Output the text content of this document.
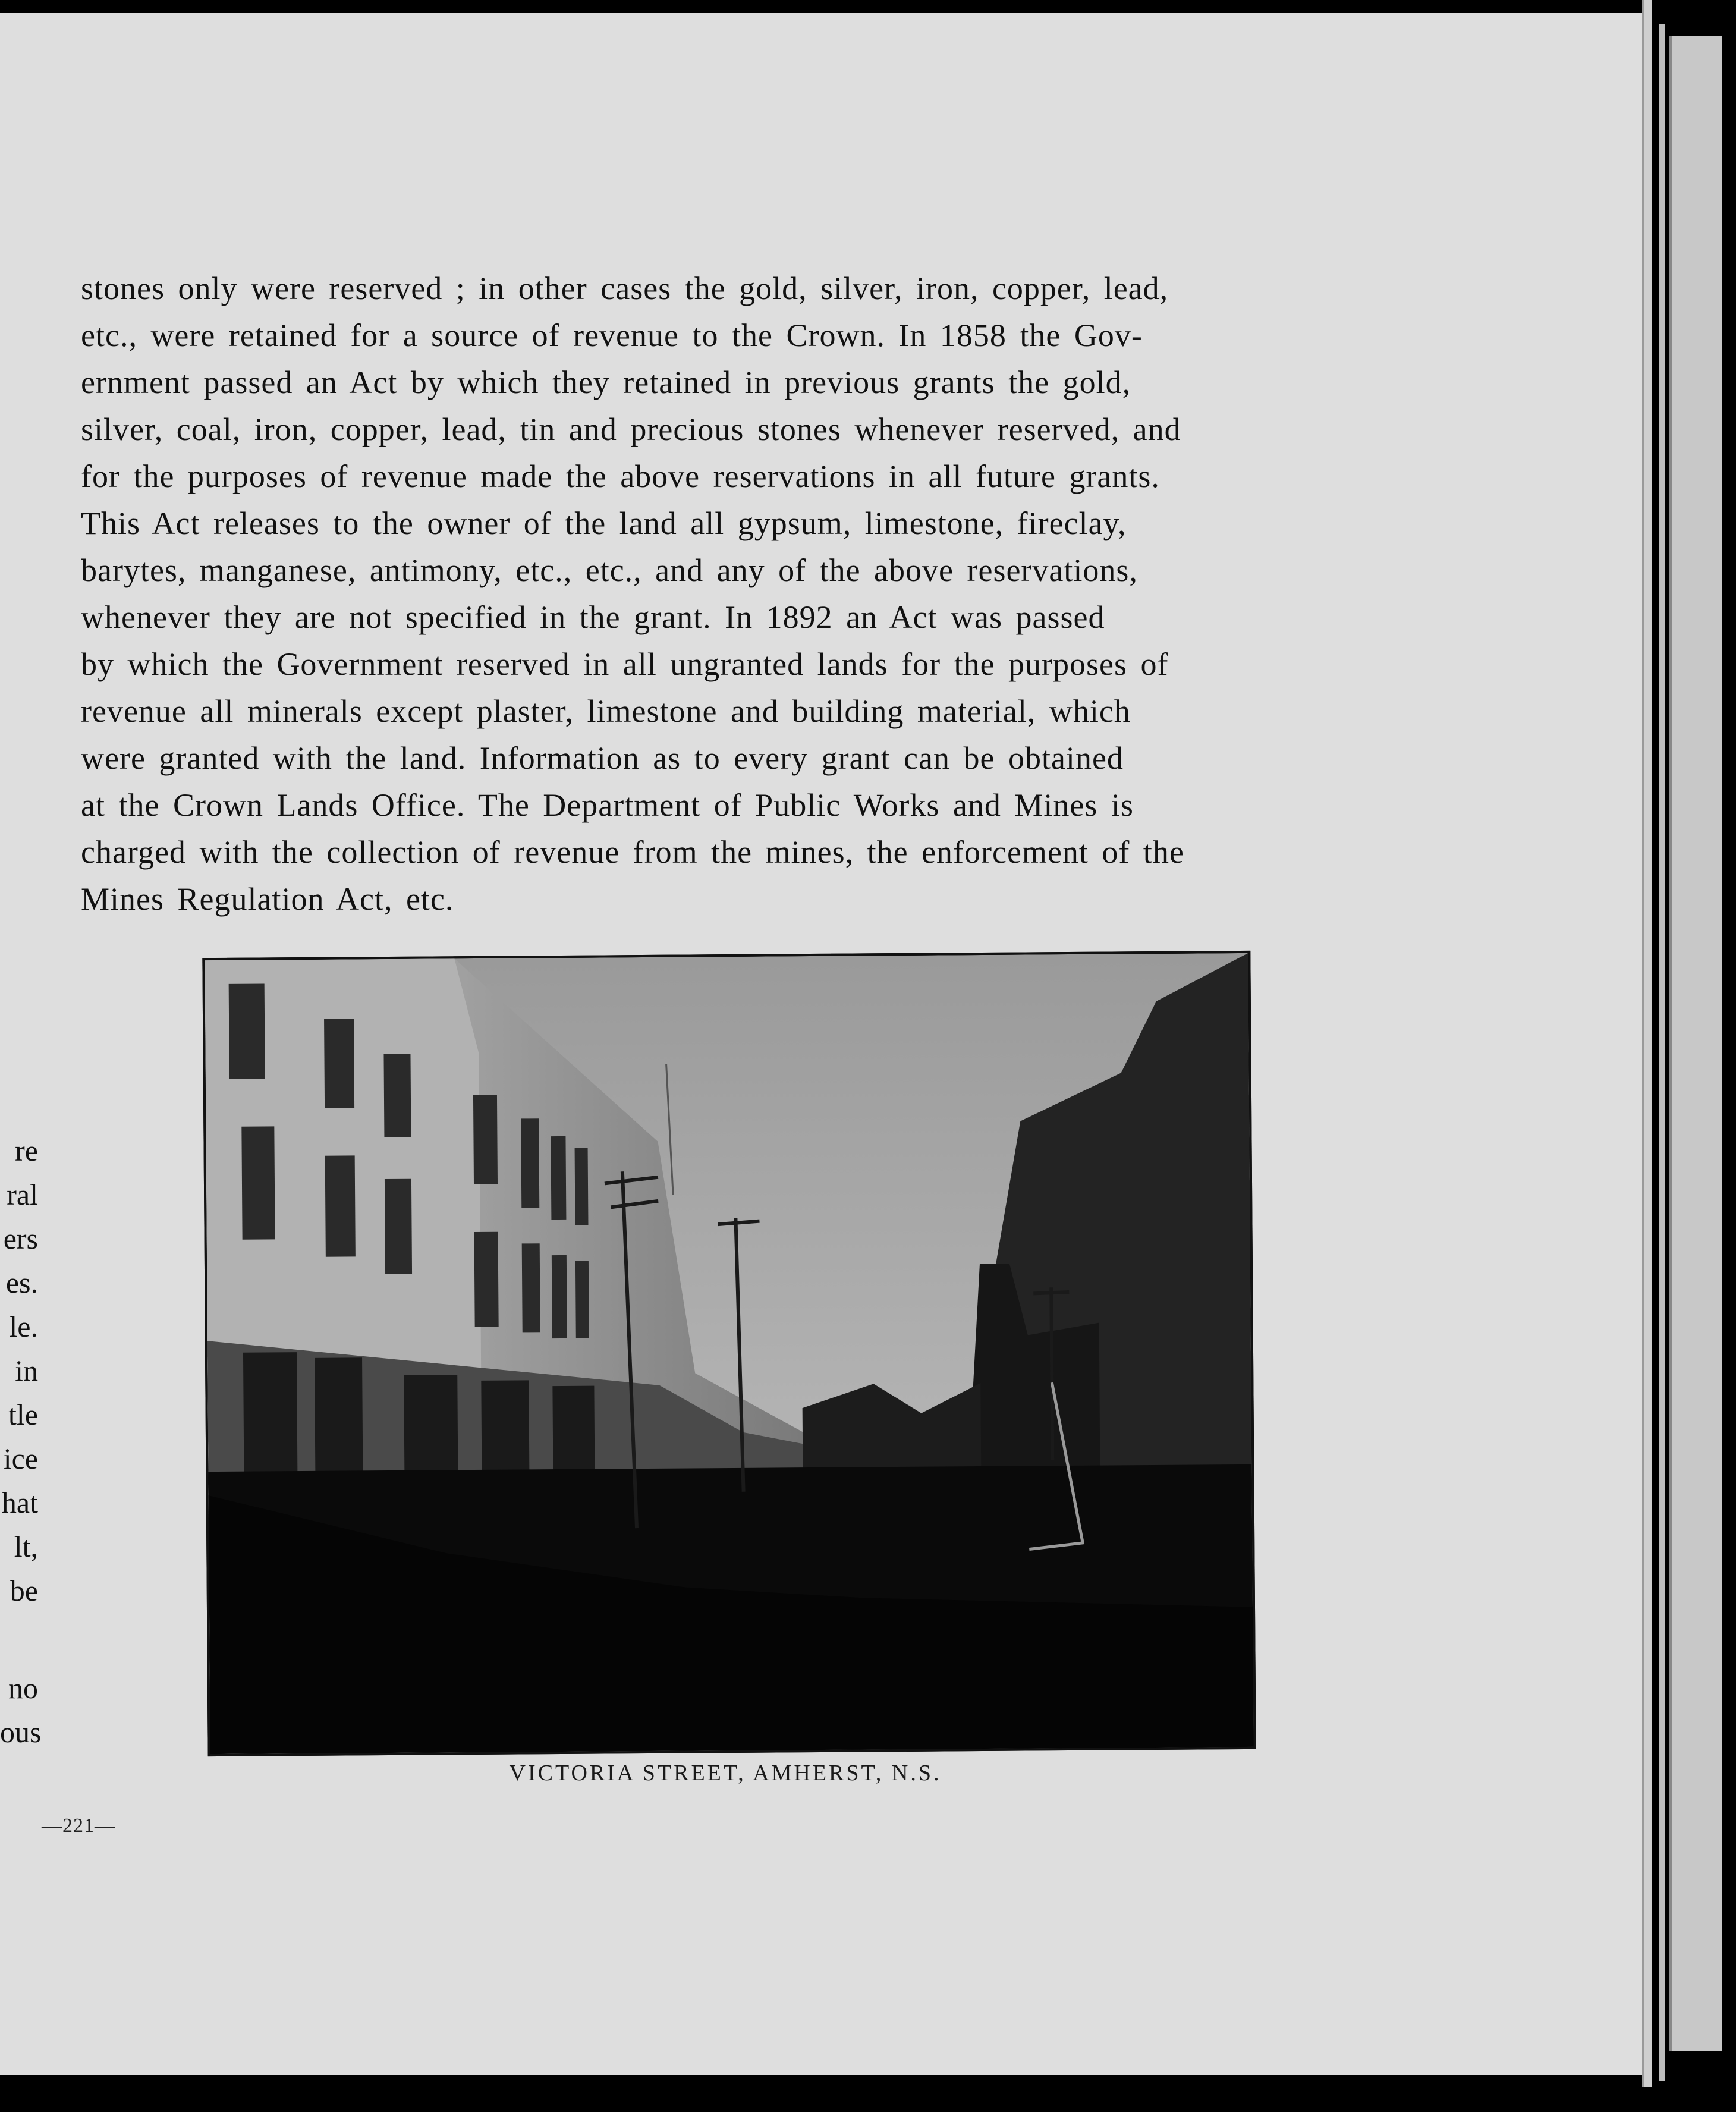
stones only were reserved ; in other cases the gold, silver, iron, copper, lead,
etc., were retained for a source of revenue to the Crown. In 1858 the Gov-
ernment passed an Act by which they retained in previous grants the gold,
silver, coal, iron, copper, lead, tin and precious stones whenever reserved, and
for the purposes of revenue made the above reservations in all future grants.
This Act releases to the owner of the land all gypsum, limestone, fireclay,
barytes, manganese, antimony, etc., etc., and any of the above reservations,
whenever they are not specified in the grant. In 1892 an Act was passed
by which the Government reserved in all ungranted lands for the purposes of
revenue all minerals except plaster, limestone and building material, which
were granted with the land. Information as to every grant can be obtained
at the Crown Lands Office. The Department of Public Works and Mines is
charged with the collection of revenue from the mines, the enforcement of the
Mines Regulation Act, etc.
re
ral
ers
es.
le.
in
tle
ice
hat
lt,
be
no
ous
—221—
VICTORIA STREET, AMHERST, N.S.
